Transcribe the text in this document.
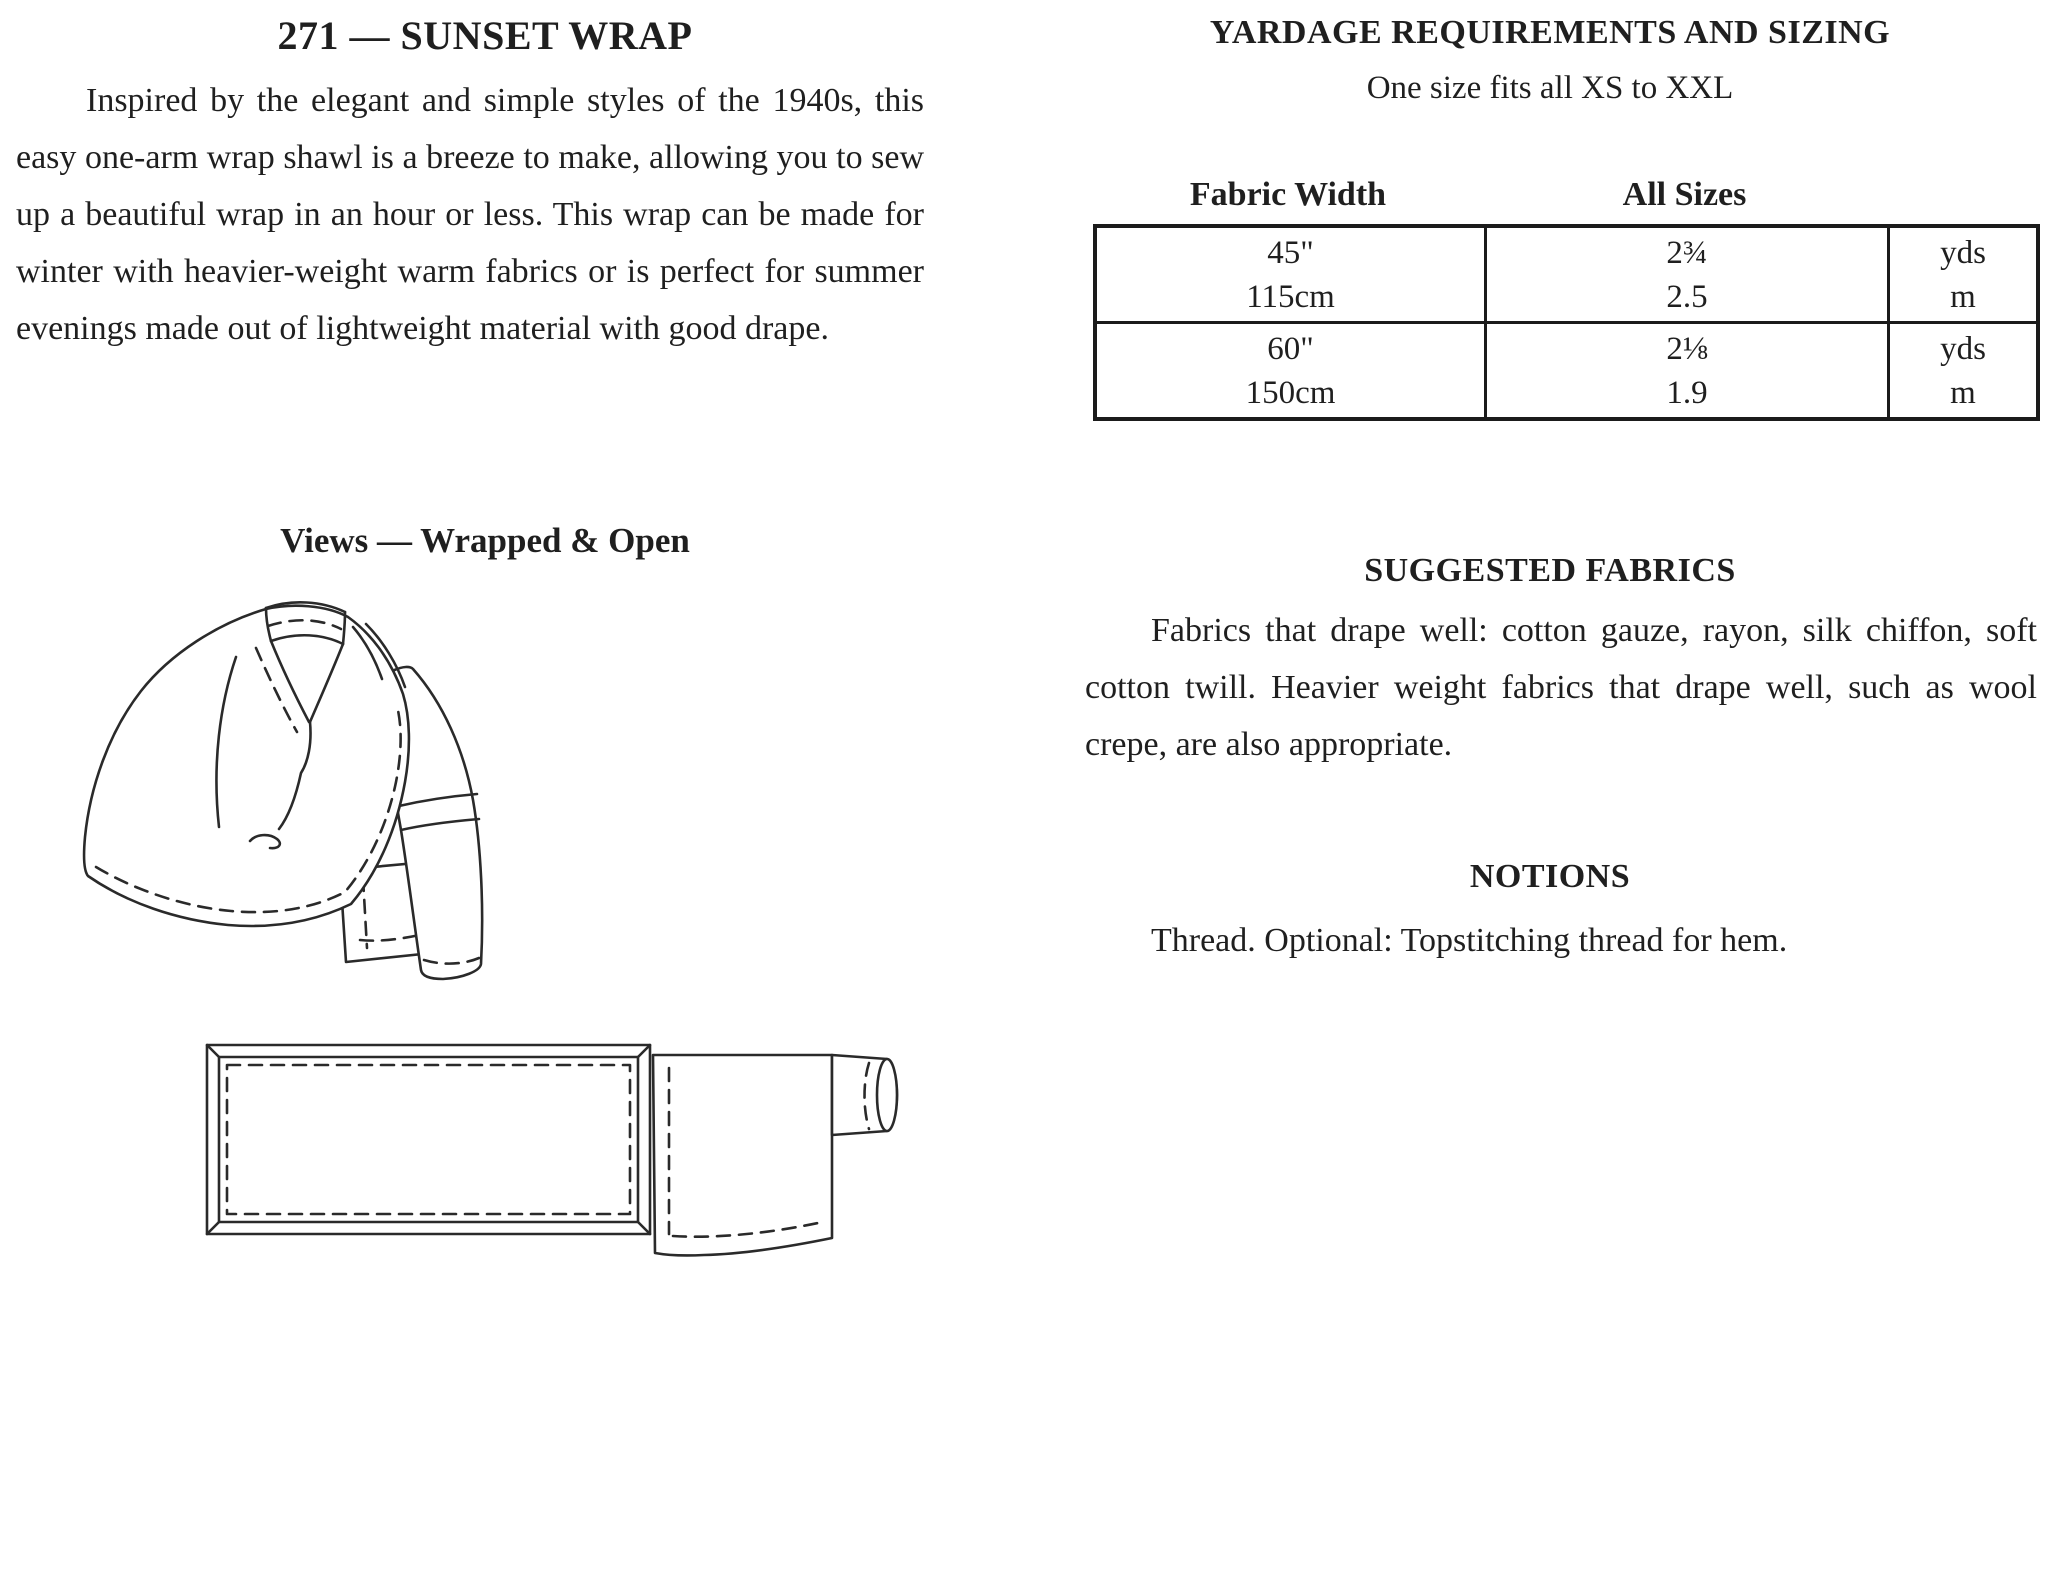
271 — SUNSET WRAP
Inspired by the elegant and simple styles of the 1940s, this easy one-arm wrap shawl is a breeze to make, allowing you to sew up a beautiful wrap in an hour or less. This wrap can be made for winter with heavier-weight warm fabrics or is perfect for summer evenings made out of lightweight material with good drape.
Views — Wrapped & Open
YARDAGE REQUIREMENTS AND SIZING
One size fits all XS to XXL
Fabric Width	All Sizes
45"
115cm
2¾
2.5
yds
m
60"
150cm
2⅛
1.9
yds
m
SUGGESTED FABRICS
Fabrics that drape well: cotton gauze, rayon, silk chiffon, soft cotton twill. Heavier weight fabrics that drape well, such as wool crepe, are also appropriate.
NOTIONS
Thread. Optional: Topstitching thread for hem.
